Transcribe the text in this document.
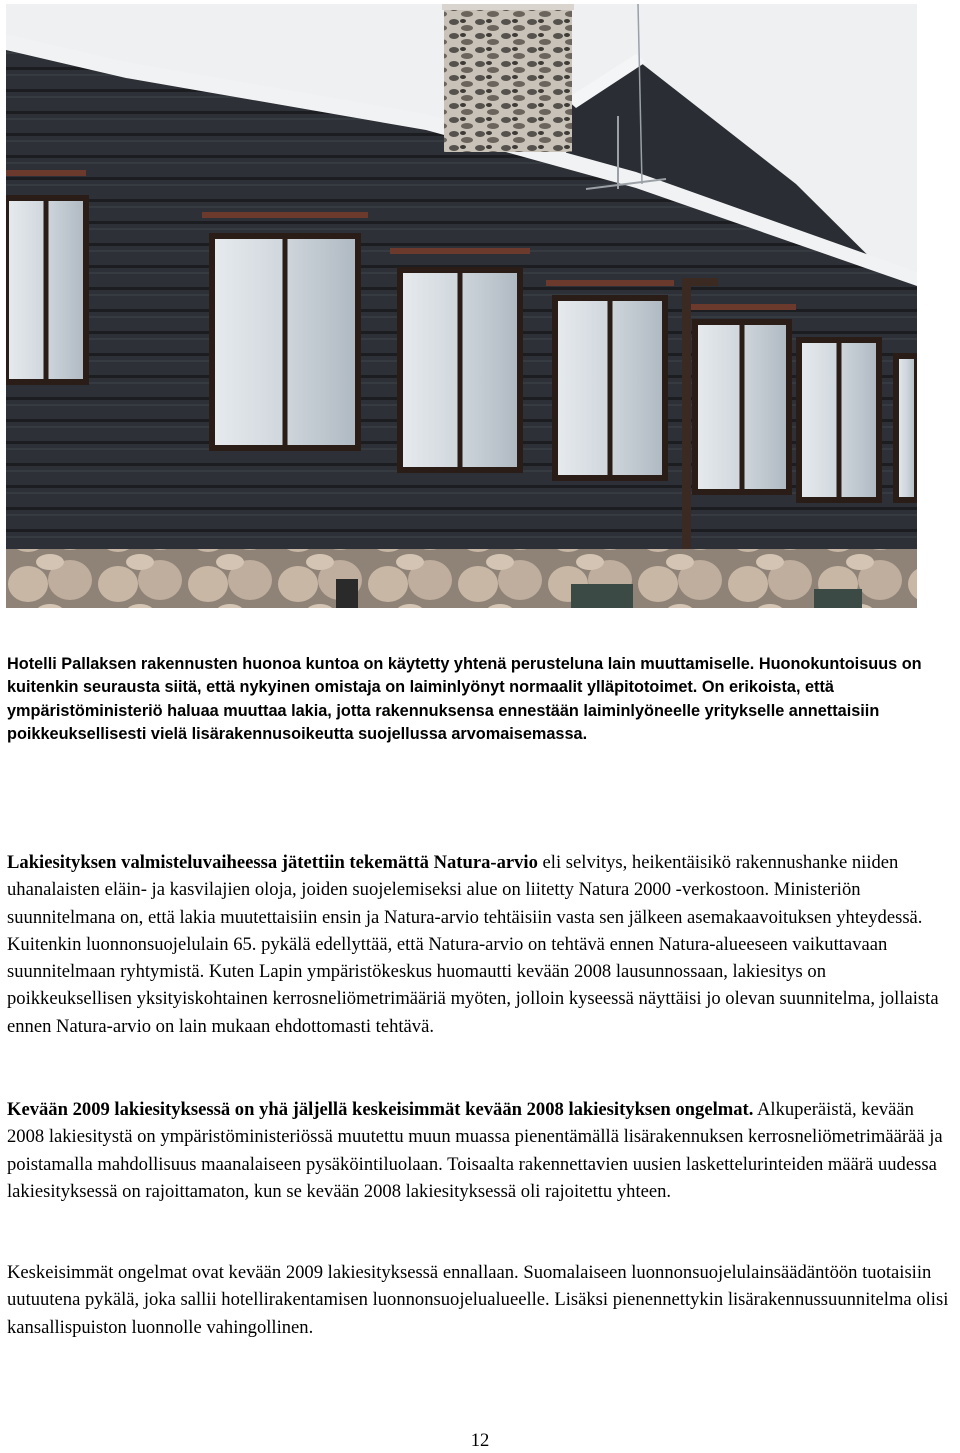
Hotelli Pallaksen rakennusten huonoa kuntoa on käytetty yhtenä perusteluna lain muuttamiselle. Huonokuntoisuus on kuitenkin seurausta siitä, että nykyinen omistaja on laiminlyönyt normaalit ylläpitotoimet. On erikoista, että ympäristöministeriö haluaa muuttaa lakia, jotta rakennuksensa ennestään laiminlyöneelle yritykselle annettaisiin poikkeuksellisesti vielä lisärakennusoikeutta suojellussa arvomaisemassa.
Lakiesityksen valmisteluvaiheessa jätettiin tekemättä Natura-arvio eli selvitys, heikentäisikö rakennushanke niiden uhanalaisten eläin- ja kasvilajien oloja, joiden suojelemiseksi alue on liitetty Natura 2000 -verkostoon. Ministeriön suunnitelmana on, että lakia muutettaisiin ensin ja Natura-arvio tehtäisiin vasta sen jälkeen asemakaavoituksen yhteydessä. Kuitenkin luonnonsuojelulain 65. pykälä edellyttää, että Natura-arvio on tehtävä ennen Natura-alueeseen vaikuttavaan suunnitelmaan ryhtymistä. Kuten Lapin ympäristökeskus huomautti kevään 2008 lausunnossaan, lakiesitys on poikkeuksellisen yksityiskohtainen kerrosneliömetrimääriä myöten, jolloin kyseessä näyttäisi jo olevan suunnitelma, jollaista ennen Natura-arvio on lain mukaan ehdottomasti tehtävä.
Kevään 2009 lakiesityksessä on yhä jäljellä keskeisimmät kevään 2008 lakiesityksen ongelmat. Alkuperäistä, kevään 2008 lakiesitystä on ympäristöministeriössä muutettu muun muassa pienentämällä lisärakennuksen kerrosneliömetrimäärää ja poistamalla mahdollisuus maanalaiseen pysäköintiluolaan. Toisaalta rakennettavien uusien laskettelurinteiden määrä uudessa lakiesityksessä on rajoittamaton, kun se kevään 2008 lakiesityksessä oli rajoitettu yhteen.
Keskeisimmät ongelmat ovat kevään 2009 lakiesityksessä ennallaan. Suomalaiseen luonnonsuojelulainsäädäntöön tuotaisiin uutuutena pykälä, joka sallii hotellirakentamisen luonnonsuojelualueelle. Lisäksi pienennettykin lisärakennussuunnitelma olisi kansallispuiston luonnolle vahingollinen.
12
